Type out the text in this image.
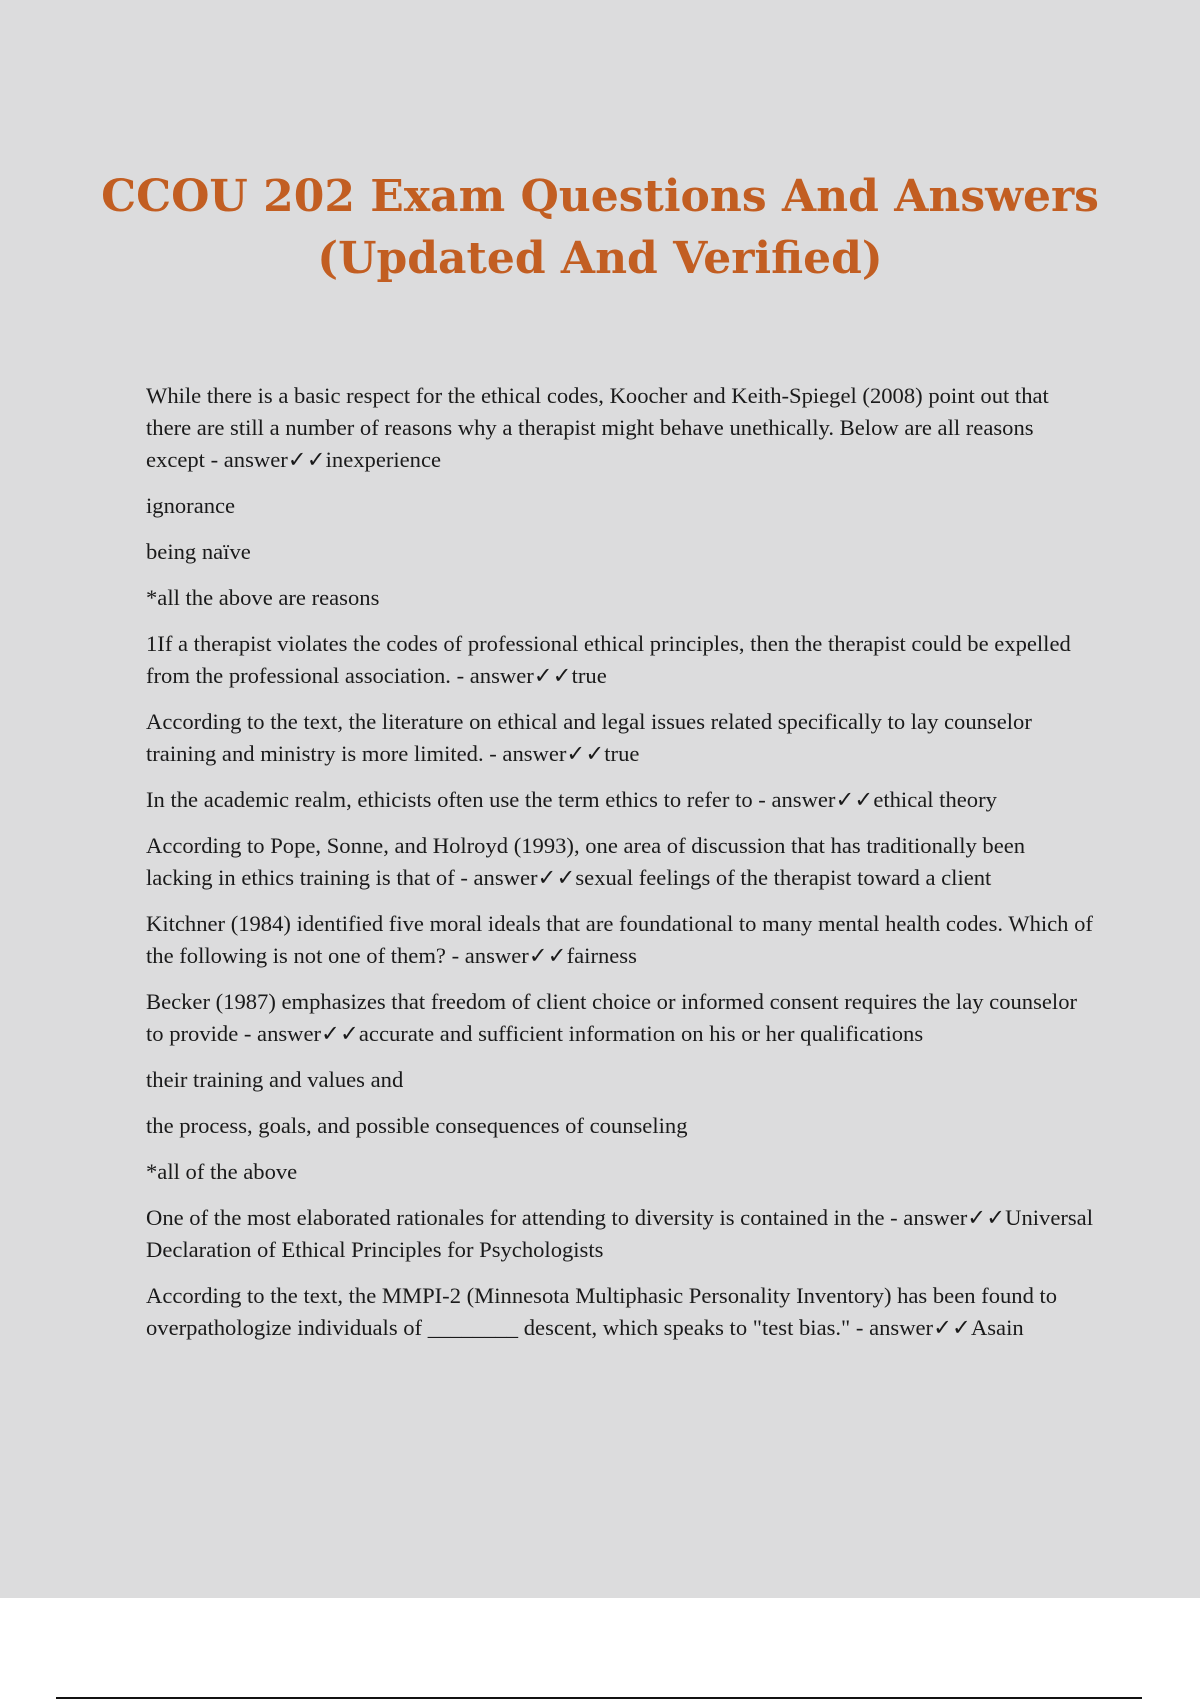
CCOU 202 Exam Questions And Answers
(Updated And Verified)

While there is a basic respect for the ethical codes, Koocher and Keith-Spiegel (2008) point out that there are still a number of reasons why a therapist might behave unethically. Below are all reasons except - answer✓✓inexperience

ignorance

being naïve

*all the above are reasons

1If a therapist violates the codes of professional ethical principles, then the therapist could be expelled from the professional association. - answer✓✓true

According to the text, the literature on ethical and legal issues related specifically to lay counselor training and ministry is more limited. - answer✓✓true

In the academic realm, ethicists often use the term ethics to refer to - answer✓✓ethical theory

According to Pope, Sonne, and Holroyd (1993), one area of discussion that has traditionally been lacking in ethics training is that of - answer✓✓sexual feelings of the therapist toward a client

Kitchner (1984) identified five moral ideals that are foundational to many mental health codes. Which of the following is not one of them? - answer✓✓fairness

Becker (1987) emphasizes that freedom of client choice or informed consent requires the lay counselor to provide - answer✓✓accurate and sufficient information on his or her qualifications

their training and values and

the process, goals, and possible consequences of counseling

*all of the above

One of the most elaborated rationales for attending to diversity is contained in the - answer✓✓Universal Declaration of Ethical Principles for Psychologists

According to the text, the MMPI-2 (Minnesota Multiphasic Personality Inventory) has been found to overpathologize individuals of ________ descent, which speaks to "test bias." - answer✓✓Asain
